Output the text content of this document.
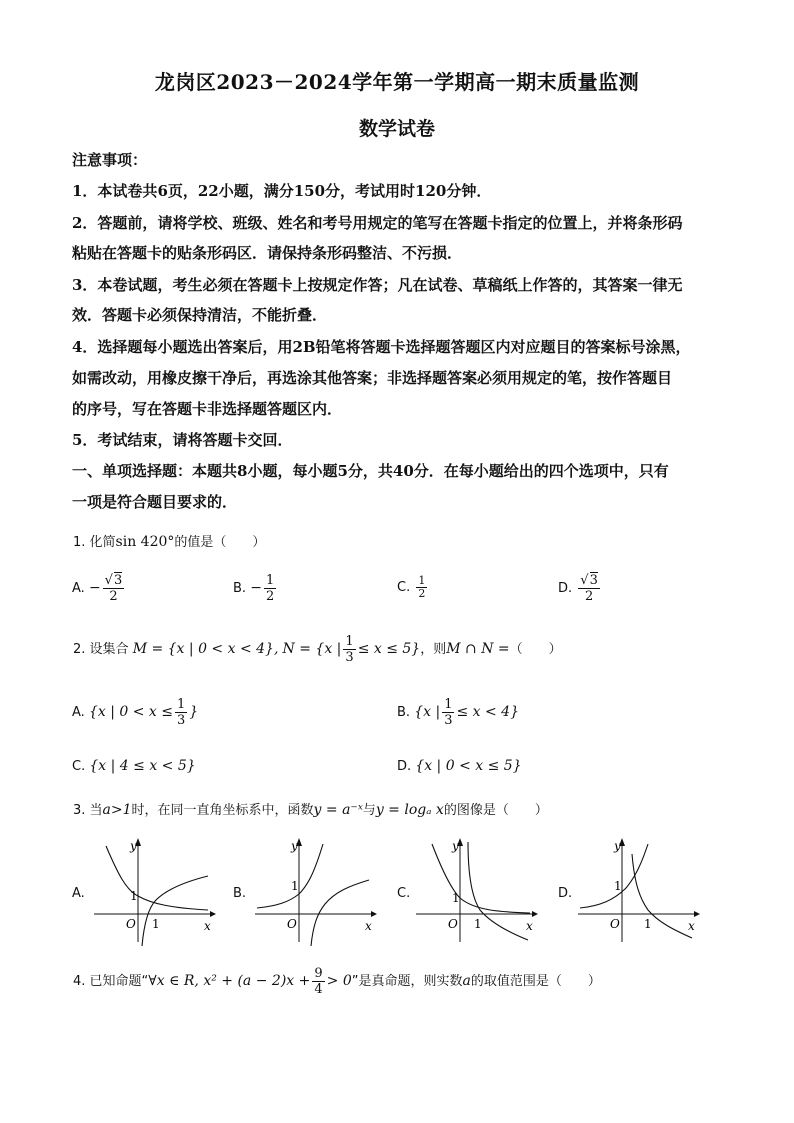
龙岗区2023－2024学年第一学期高一期末质量监测
数学试卷
注意事项：
1．本试卷共6页，22小题，满分150分，考试用时120分钟．
2．答题前，请将学校、班级、姓名和考号用规定的笔写在答题卡指定的位置上，并将条形码
粘贴在答题卡的贴条形码区．请保持条形码整洁、不污损．
3．本卷试题，考生必须在答题卡上按规定作答；凡在试卷、草稿纸上作答的，其答案一律无
效．答题卡必须保持清洁，不能折叠．
4．选择题每小题选出答案后，用2B铅笔将答题卡选择题答题区内对应题目的答案标号涂黑，
如需改动，用橡皮擦干净后，再选涂其他答案；非选择题答案必须用规定的笔，按作答题目
的序号，写在答题卡非选择题答题区内．
5．考试结束，请将答题卡交回．
一、单项选择题：本题共8小题，每小题5分，共40分．在每小题给出的四个选项中，只有
一项是符合题目要求的．
1. 化简sin 420°的值是（　　）
A. − $\frac{√3}{2}$	B. − $\frac{1}{2}$	C. $\frac{1}{2}$	D. $\frac{√3}{2}$
2. 设集合 M = {x | 0 < x < 4}, N = {x | $\frac{1}{3} \le x \le 5$}，则M ∩ N =（　　）
A. {x | $0 < x \le \frac{1}{3}$ }	B. {x | $\frac{1}{3} \le x < 4$}
C. {x | 4 ≤ x < 5}	D. {x | 0 < x ≤ 5}
3. 当a>1时，在同一直角坐标系中，函数y = a⁻ˣ与y = logₐ x的图像是（　　）
A.	B.	C.	D.
y
x
O
1
1
y
x
O
1
y
x
O
1
1
y
x
O
1
1
4. 已知命题“∀x ∈ R, $x^2 + (a - 2)x + \frac{9}{4} > 0$”是真命题，则实数a的取值范围是（　　）
